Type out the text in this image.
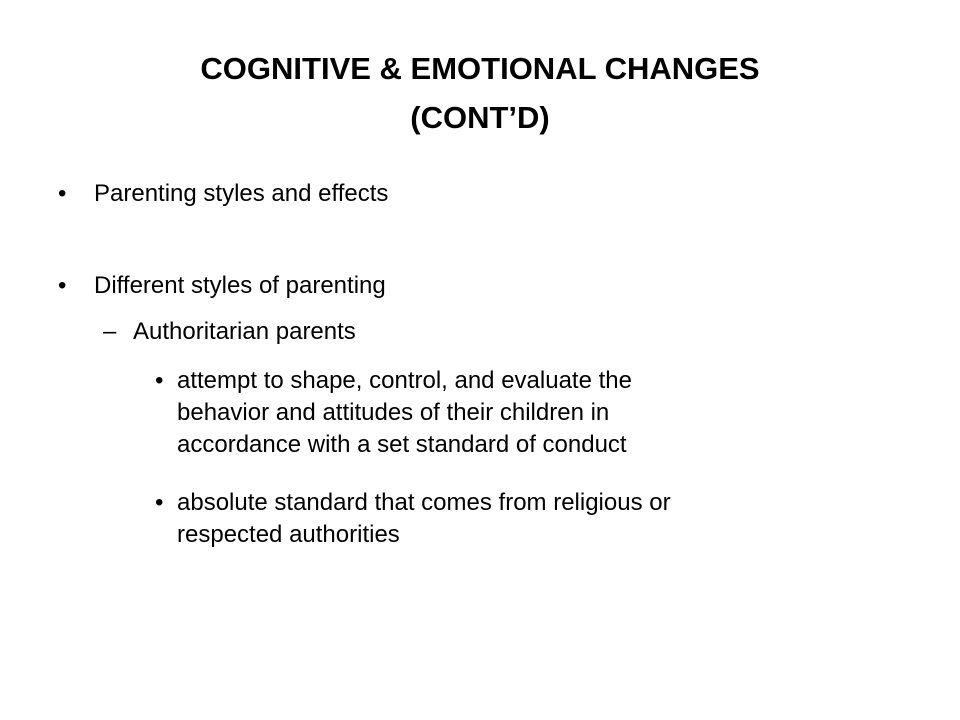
COGNITIVE & EMOTIONAL CHANGES
(CONT’D)
• Parenting styles and effects
• Different styles of parenting
– Authoritarian parents
• attempt to shape, control, and evaluate the
behavior and attitudes of their children in
accordance with a set standard of conduct
• absolute standard that comes from religious or
respected authorities
